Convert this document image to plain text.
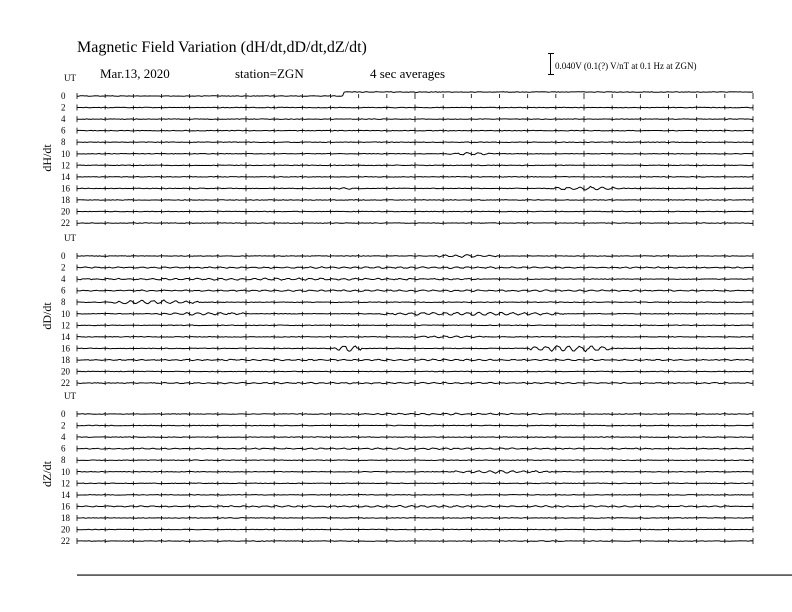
UT
dH/dt
0
2
4
6
8
10
12
14
16
18
20
22
UT
dD/dt
0
2
4
6
8
10
12
14
16
18
20
22
UT
dZ/dt
0
2
4
6
8
10
12
14
16
18
20
22
Magnetic Field Variation (dH/dt,dD/dt,dZ/dt)
Mar.13, 2020	station=ZGN	4 sec averages	0.040V (0.1(?) V/nT at 0.1 Hz at ZGN)
